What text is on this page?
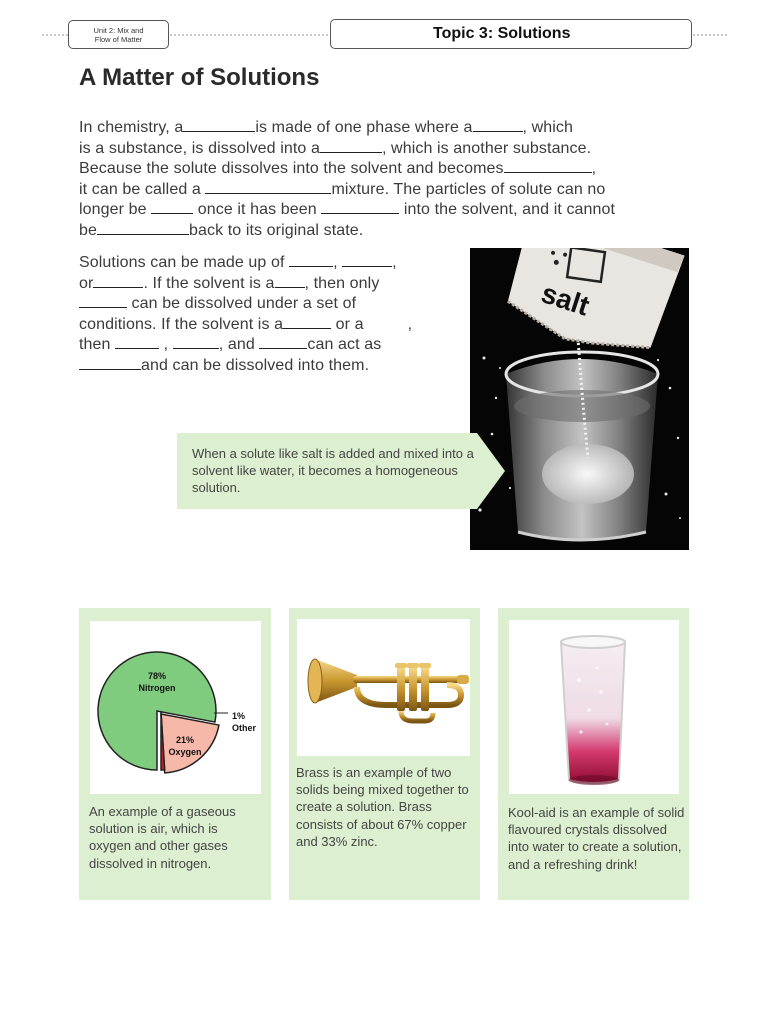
Unit 2: Mix and
Flow of Matter	Topic 3: Solutions
A Matter of Solutions
In chemistry, a	is made of one phase where a	, which
is a substance, is dissolved into a	, which is another substance.
Because the solute dissolves into the solvent and becomes	,
it can be called a	mixture. The particles of solute can no
longer be	once it has been	into the solvent, and it cannot
be	back to its original state.
Solutions can be made up of	,	,
or	. If the solvent is a , then only
can be dissolved under a set of
conditions. If the solvent is a	or a	,
then	,	, and	can act as
and can be dissolved into them.
salt
When a solute like salt is added and mixed into a solvent like water, it becomes a homogeneous solution.
78% Nitrogen
21% Oxygen
1% Other
An example of a gaseous solution is air, which is oxygen and other gases dissolved in nitrogen.
Brass is an example of two solids being mixed together to create a solution. Brass consists of about 67% copper and 33% zinc.
Kool-aid is an example of solid flavoured crystals dissolved into water to create a solution, and a refreshing drink!
